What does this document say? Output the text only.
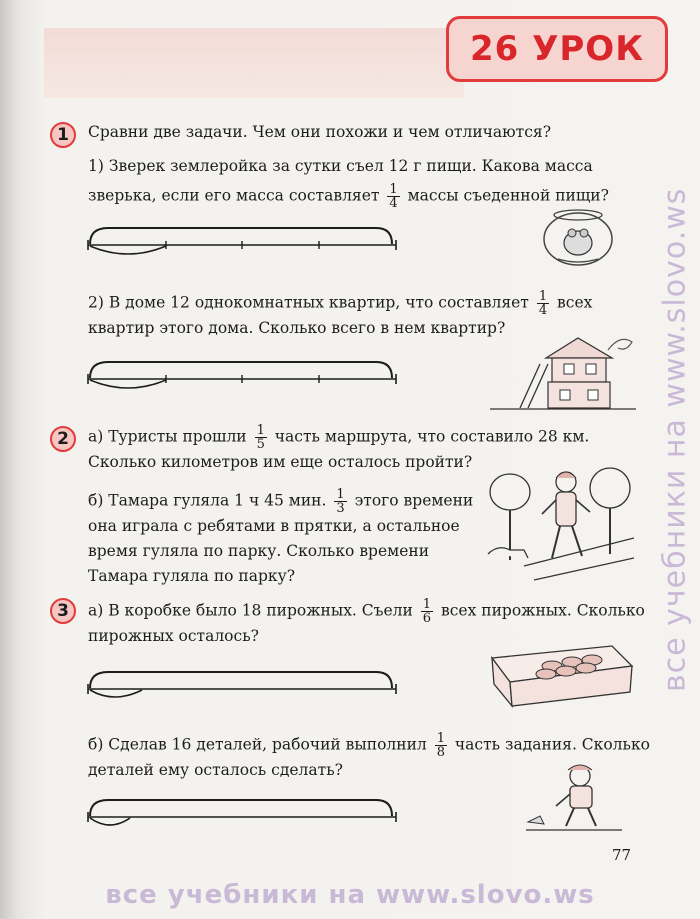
26 УРОК
1	Сравни две задачи. Чем они похожи и чем отличаются?
1) Зверек землеройка за сутки съел 12 г пищи. Какова масса
зверька, если его масса составляет $\frac{1}{4}$ массы съеденной пищи?
2) В доме 12 однокомнатных квартир, что составляет $\frac{1}{4}$ всех
квартир этого дома. Сколько всего в нем квартир?
2	а) Туристы прошли $\frac{1}{5}$ часть маршрута, что составило 28 км.
Сколько километров им еще осталось пройти?
б) Тамара гуляла 1 ч 45 мин. $\frac{1}{3}$ этого времени
она играла с ребятами в прятки, а остальное
время гуляла по парку. Сколько времени
Тамара гуляла по парку?
3	а) В коробке было 18 пирожных. Съели $\frac{1}{6}$ всех пирожных. Сколько
пирожных осталось?
б) Сделав 16 деталей, рабочий выполнил $\frac{1}{8}$ часть задания. Сколько
деталей ему осталось сделать?
77
все учебники на www.slovo.ws
все учебники на www.slovo.ws
